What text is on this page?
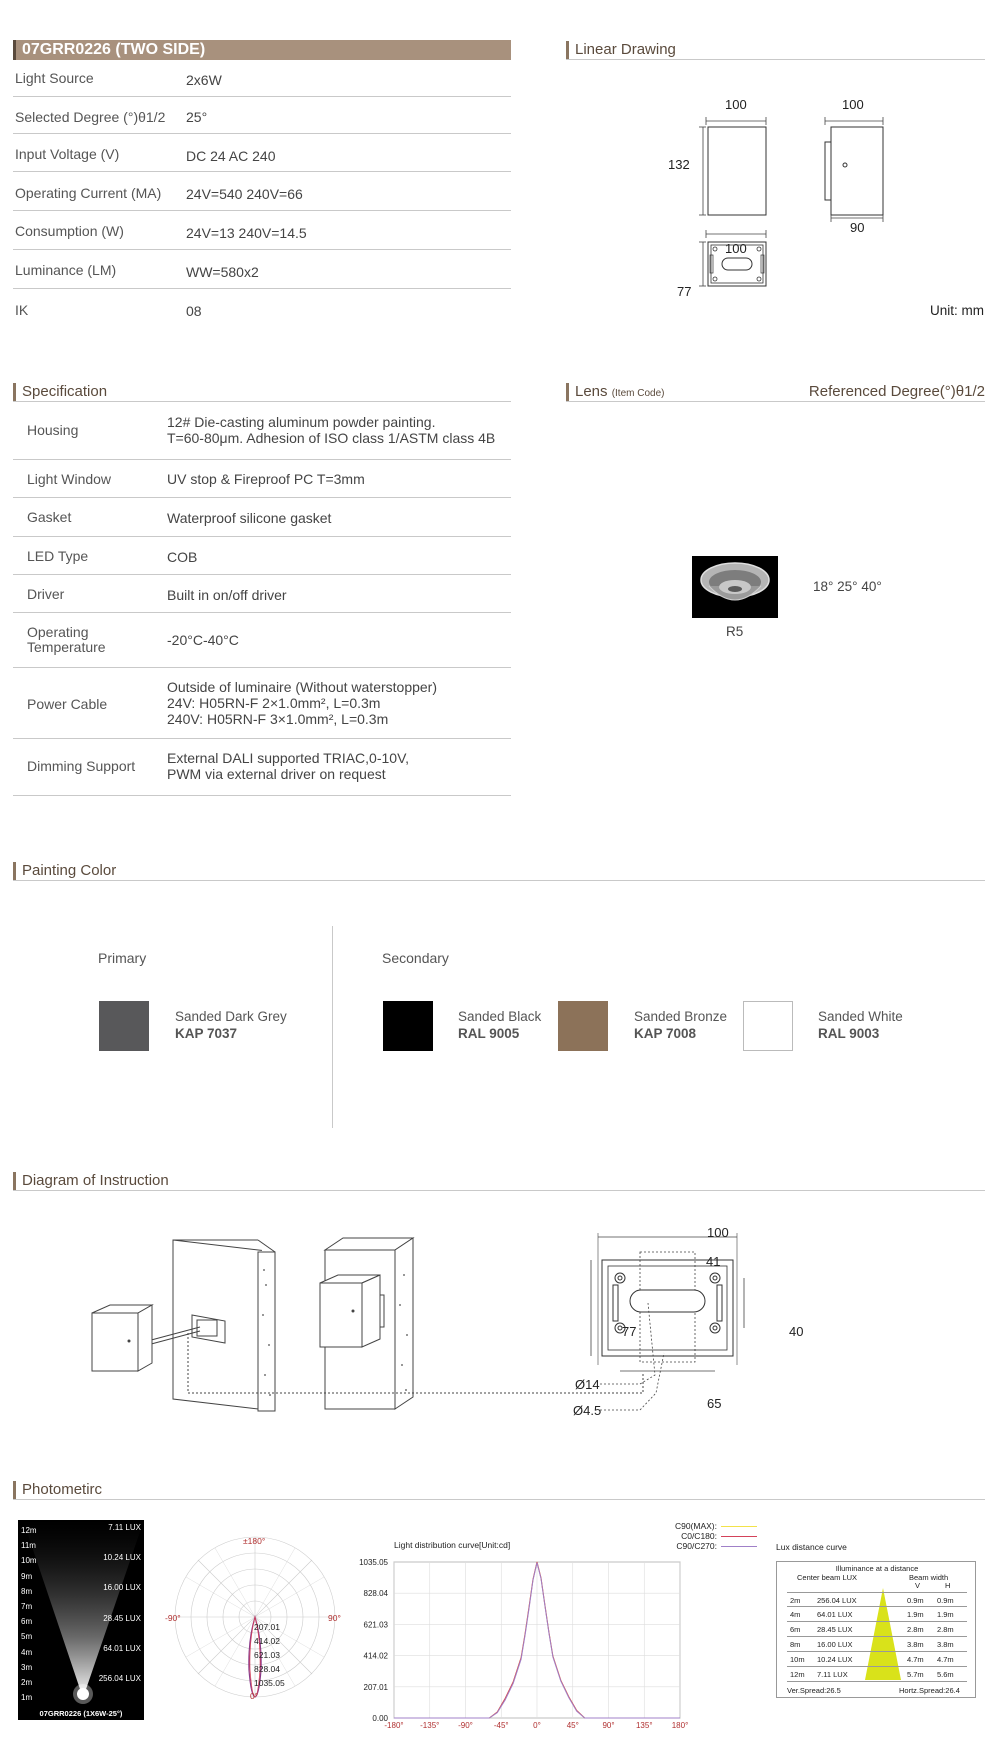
07GRR0226 (TWO SIDE)
Light Source	2x6W
Selected Degree (°)θ1/2 25°
Input Voltage (V)	DC 24 AC 240
Operating Current (MA) 24V=540 240V=66
Consumption (W)	24V=13 240V=14.5
Luminance (LM)	WW=580x2
IK	08
Linear Drawing
100
132
100
90
100
77
Unit: mm
Specification
Housing	12# Die-casting aluminum powder painting.
T=60-80μm. Adhesion of ISO class 1/ASTM class 4B
Light Window	UV stop & Fireproof PC T=3mm
Gasket	Waterproof silicone gasket
LED Type	COB
Driver	Built in on/off driver
Operating Temperature	-20°C-40°C
Power Cable
Outside of luminaire (Without waterstopper)
24V: H05RN-F 2×1.0mm², L=0.3m
240V: H05RN-F 3×1.0mm², L=0.3m
Dimming Support External DALI supported TRIAC,0-10V,
PWM via external driver on request
Lens (Item Code)	Referenced Degree(°)θ1/2
R5
18° 25° 40°
Painting Color
Primary	Secondary
Sanded Dark Grey
KAP 7037
Sanded Black
RAL 9005
Sanded Bronze
KAP 7008
Sanded White
RAL 9003
Diagram of Instruction
100
41
77	40
Ø14
Ø4.5	65
Photometirc
12m
11m
10m
9m
8m
7m
6m
5m
4m
3m
2m
1m
7.11 LUX
10.24 LUX
16.00 LUX
28.45 LUX
64.01 LUX
256.04 LUX
07GRR0226 (1X6W-25°)
±180°
-90°	90°
0°
207.01
414.02
621.03
828.04
1035.05
Light distribution curve[Unit:cd]
C90(MAX):
C0/C180:
C90/C270:
-180° -135° -90°	-45°	0°	45°	90°	135° 180°
0.00
207.01
414.02
621.03
828.04
1035.05
Lux distance curve
Illuminance at a distance
Center beam LUX	Beam width
V	H
2m 256.04 LUX	0.9m 0.9m
4m 64.01 LUX	1.9m 1.9m
6m 28.45 LUX	2.8m 2.8m
8m 16.00 LUX	3.8m 3.8m
10m 10.24 LUX	4.7m 4.7m
12m 7.11 LUX	5.7m 5.6m
Ver.Spread:26.5	Hortz.Spread:26.4
